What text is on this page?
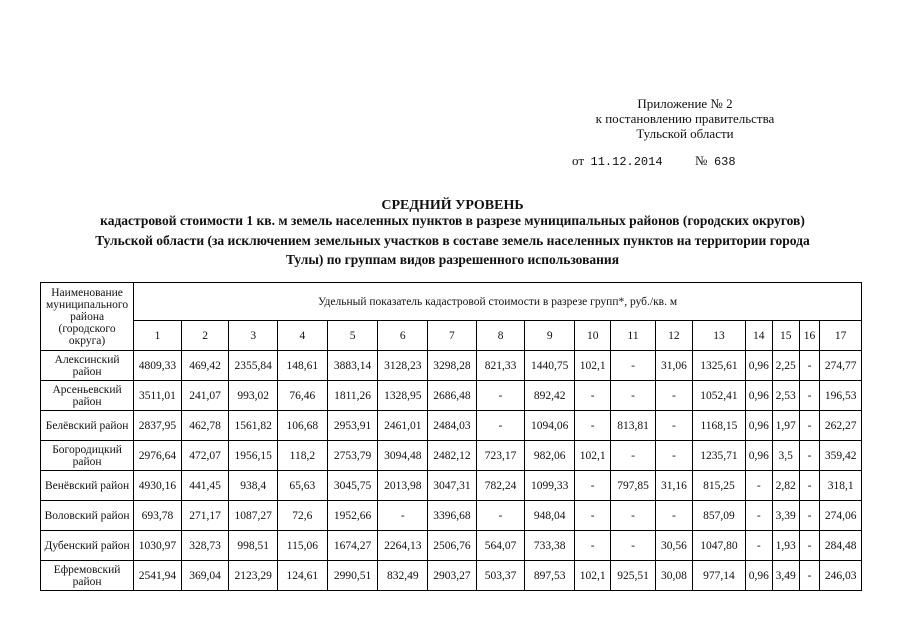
Приложение № 2
к постановлению правительства
Тульской области
от 11.12.2014	№ 638
СРЕДНИЙ УРОВЕНЬ
кадастровой стоимости 1 кв. м земель населенных пунктов в разрезе муниципальных районов (городских округов)
Тульской области (за исключением земельных участков в составе земель населенных пунктов на территории города
Тулы) по группам видов разрешенного использования
Наименование муниципального района (городского округа)	Удельный показатель кадастровой стоимости в разрезе групп*, руб./кв. м																
	1	2	3	4	5	6	7	8	9	10	11	12	13	14	15	16	17
Алексинский район	4809,33	469,42	2355,84	148,61	3883,14	3128,23	3298,28	821,33	1440,75	102,1	-	31,06	1325,61	0,96	2,25	-	274,77
Арсеньевский район	3511,01	241,07	993,02	76,46	1811,26	1328,95	2686,48	-	892,42	-	-	-	1052,41	0,96	2,53	-	196,53
Белёвский район	2837,95	462,78	1561,82	106,68	2953,91	2461,01	2484,03	-	1094,06	-	813,81	-	1168,15	0,96	1,97	-	262,27
Богородицкий район	2976,64	472,07	1956,15	118,2	2753,79	3094,48	2482,12	723,17	982,06	102,1	-	-	1235,71	0,96	3,5	-	359,42
Венёвский район	4930,16	441,45	938,4	65,63	3045,75	2013,98	3047,31	782,24	1099,33	-	797,85	31,16	815,25	-	2,82	-	318,1
Воловский район	693,78	271,17	1087,27	72,6	1952,66	-	3396,68	-	948,04	-	-	-	857,09	-	3,39	-	274,06
Дубенский район	1030,97	328,73	998,51	115,06	1674,27	2264,13	2506,76	564,07	733,38	-	-	30,56	1047,80	-	1,93	-	284,48
Ефремовский район	2541,94	369,04	2123,29	124,61	2990,51	832,49	2903,27	503,37	897,53	102,1	925,51	30,08	977,14	0,96	3,49	-	246,03
